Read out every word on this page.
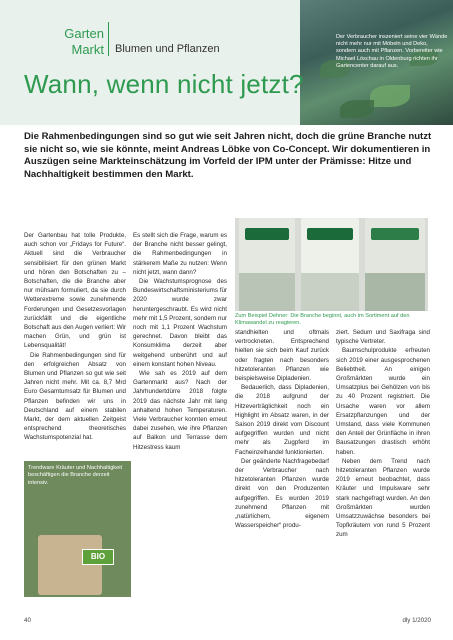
Garten
Markt	Blumen und Pflanzen
Wann, wenn nicht jetzt?
Der Verbraucher inszeniert seine vier Wände nicht mehr nur mit Möbeln und Deko, sondern auch mit Pflanzen. Vorbereiter wie Michael Löschau in Oldenburg richten ihr Gartencenter darauf aus.
Die Rahmenbedingungen sind so gut wie seit Jahren nicht, doch die grüne Branche nutzt sie nicht so, wie sie könnte, meint Andreas Löbke von Co-Concept. Wir dokumentieren in Auszügen seine Markteinschätzung im Vorfeld der IPM unter der Prämisse: Hitze und Nachhaltigkeit bestimmen den Markt.

Der Gartenbau hat tolle Produkte, auch schon vor „Fridays for Future“. Aktuell sind die Verbraucher sensibilisiert für den grünen Markt und hören den Botschaften zu – Botschaften, die die Branche aber nur mühsam formuliert, da sie durch Wetterextreme sowie zunehmende Forderungen und Gesetzesvorlagen zurückfällt und die eigentliche Botschaft aus den Augen verliert: Wir machen Grün, und grün ist Lebensqualität!

Die Rahmenbedingungen sind für den erfolgreichen Absatz von Blumen und Pflanzen so gut wie seit Jahren nicht mehr. Mit ca. 8,7 Mrd Euro Gesamtumsatz für Blumen und Pflanzen befinden wir uns in Deutschland auf einem stabilen Markt, der dem aktuellen Zeitgeist entsprechend theoretisches Wachstumspotenzial hat.

Es stellt sich die Frage, warum es der Branche nicht besser gelingt, die Rahmenbedingungen in stärkerem Maße zu nutzen: Wenn nicht jetzt, wann dann?

Die Wachstumsprognose des Bundeswirtschaftsministeriums für 2020 wurde zwar heruntergeschraubt. Es wird nicht mehr mit 1,5 Prozent, sondern nur noch mit 1,1 Prozent Wachstum gerechnet. Davon bleibt das Konsumklima derzeit aber weitgehend unberührt und auf einem konstant hohen Niveau.

Wie sah es 2019 auf dem Gartenmarkt aus? Nach der Jahrhundertdürre 2018 folgte 2019 das nächste Jahr mit lang anhaltend hohen Temperaturen. Viele Verbraucher konnten erneut dabei zusehen, wie ihre Pflanzen auf Balkon und Terrasse dem Hitzestress kaum

Zum Beispiel Dehner: Die Branche beginnt, auch im Sortiment auf den Klimawandel zu reagieren.

standhielten und oftmals vertrockneten. Entsprechend hielten sie sich beim Kauf zurück oder fragten nach besonders hitzetoleranten Pflanzen wie beispielsweise Dipladenien.

Bedauerlich, dass Dipladenien, die 2018 aufgrund der Hitzeverträglichkeit noch ein Highlight im Absatz waren, in der Saison 2019 direkt vom Discount aufgegriffen wurden und nicht mehr als Zugpferd im Facheinzelhandel funktionierten.

Der geänderte Nachfragebedarf der Verbraucher nach hitzetoleranten Pflanzen wurde direkt von den Produzenten aufgegriffen. Es wurden 2019 zunehmend Pflanzen mit „natürlichem, eigenem Wasserspeicher“ produ-

ziert. Sedum und Saxifraga sind typische Vertreter.

Baumschulprodukte erfreuten sich 2019 einer ausgesprochenen Beliebtheit. An einigen Großmärkten wurde ein Umsatzplus bei Gehölzen von bis zu 40 Prozent registriert. Die Ursache waren vor allem Ersatzpflanzungen und der Umstand, dass viele Kommunen den Anteil der Grünfläche in ihren Bausatzungen drastisch erhöht haben.

Neben dem Trend nach hitzetoleranten Pflanzen wurde 2019 erneut beobachtet, dass Kräuter und Impulsware sehr stark nachgefragt wurden. An den Großmärkten wurden Umsatzzuwächse besonders bei Topfkräutern von rund 5 Prozent zum

BIO
Trendware Kräuter und Nachhaltigkeit beschäftigen die Branche derzeit intensiv.
40	dly 1/2020
